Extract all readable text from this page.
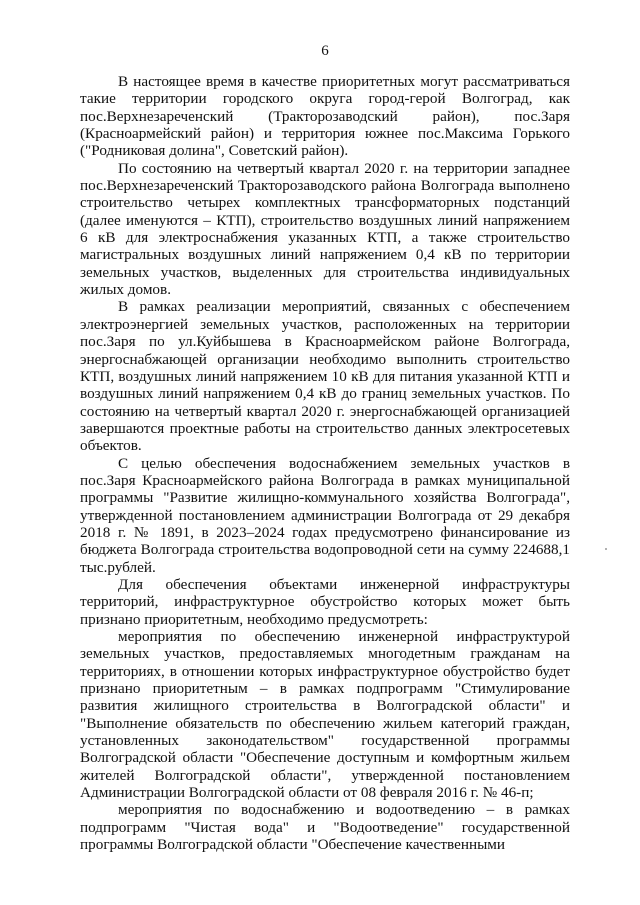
6

В настоящее время в качестве приоритетных могут рассматриваться такие территории городского округа город-герой Волгоград, как пос.Верхнезареченский (Тракторозаводский район), пос.Заря (Красноармейский район) и территория южнее пос.Максима Горького ("Родниковая долина", Советский район).

По состоянию на четвертый квартал 2020 г. на территории западнее пос.Верхнезареченский Тракторозаводского района Волгограда выполнено строительство четырех комплектных трансформаторных подстанций (далее именуются – КТП), строительство воздушных линий напряжением 6 кВ для электроснабжения указанных КТП, а также строительство магистральных воздушных линий напряжением 0,4 кВ по территории земельных участков, выделенных для строительства индивидуальных жилых домов.

В рамках реализации мероприятий, связанных с обеспечением электроэнергией земельных участков, расположенных на территории пос.Заря по ул.Куйбышева в Красноармейском районе Волгограда, энергоснабжающей организации необходимо выполнить строительство КТП, воздушных линий напряжением 10 кВ для питания указанной КТП и воздушных линий напряжением 0,4 кВ до границ земельных участков. По состоянию на четвертый квартал 2020 г. энергоснабжающей организацией завершаются проектные работы на строительство данных электросетевых объектов.

С целью обеспечения водоснабжением земельных участков в пос.Заря Красноармейского района Волгограда в рамках муниципальной программы "Развитие жилищно-коммунального хозяйства Волгограда", утвержденной постановлением администрации Волгограда от 29 декабря 2018 г. № 1891, в 2023–2024 годах предусмотрено финансирование из бюджета Волгограда строительства водопроводной сети на сумму 224688,1 тыс.рублей.

Для обеспечения объектами инженерной инфраструктуры территорий, инфраструктурное обустройство которых может быть признано приоритетным, необходимо предусмотреть:

мероприятия по обеспечению инженерной инфраструктурой земельных участков, предоставляемых многодетным гражданам на территориях, в отношении которых инфраструктурное обустройство будет признано приоритетным – в рамках подпрограмм "Стимулирование развития жилищного строительства в Волгоградской области" и "Выполнение обязательств по обеспечению жильем категорий граждан, установленных законодательством" государственной программы Волгоградской области "Обеспечение доступным и комфортным жильем жителей Волгоградской области", утвержденной постановлением Администрации Волгоградской области от 08 февраля 2016 г. № 46-п;

мероприятия по водоснабжению и водоотведению – в рамках подпрограмм "Чистая вода" и "Водоотведение" государственной программы Волгоградской области "Обеспечение качественными
